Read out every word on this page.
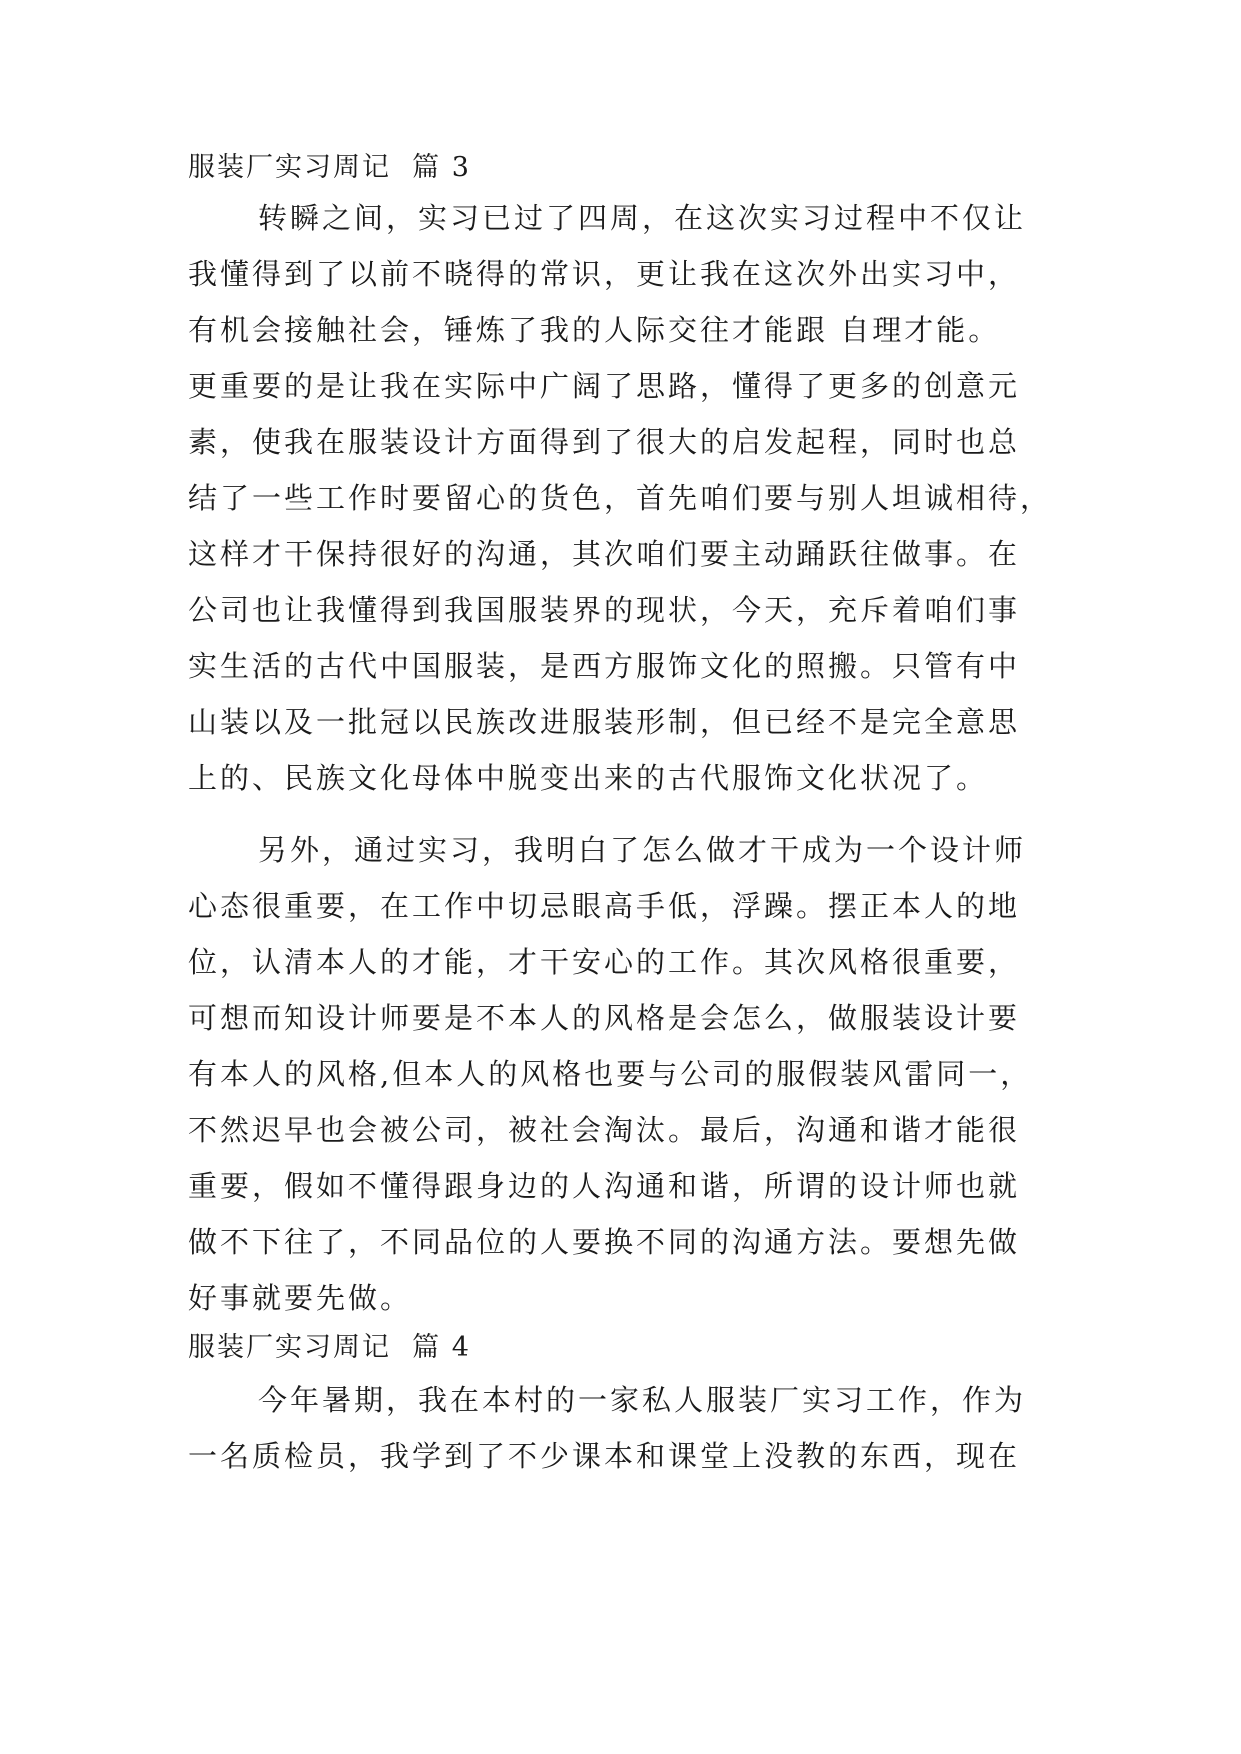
服装厂实习周记  篇 3
转瞬之间，实习已过了四周，在这次实习过程中不仅让
我懂得到了以前不晓得的常识，更让我在这次外出实习中，
有机会接触社会，锤炼了我的人际交往才能跟 自理才能。
更重要的是让我在实际中广阔了思路，懂得了更多的创意元
素，使我在服装设计方面得到了很大的启发起程，同时也总
结了一些工作时要留心的货色，首先咱们要与别人坦诚相待，
这样才干保持很好的沟通，其次咱们要主动踊跃往做事。在
公司也让我懂得到我国服装界的现状，今天，充斥着咱们事
实生活的古代中国服装，是西方服饰文化的照搬。只管有中
山装以及一批冠以民族改进服装形制，但已经不是完全意思
上的、民族文化母体中脱变出来的古代服饰文化状况了。
另外，通过实习，我明白了怎么做才干成为一个设计师
心态很重要，在工作中切忌眼高手低，浮躁。摆正本人的地
位，认清本人的才能，才干安心的工作。其次风格很重要，
可想而知设计师要是不本人的风格是会怎么，做服装设计要
有本人的风格,但本人的风格也要与公司的服假装风雷同一，
不然迟早也会被公司，被社会淘汰。最后，沟通和谐才能很
重要，假如不懂得跟身边的人沟通和谐，所谓的设计师也就
做不下往了，不同品位的人要换不同的沟通方法。要想先做
好事就要先做。
服装厂实习周记  篇 4
今年暑期，我在本村的一家私人服装厂实习工作，作为
一名质检员，我学到了不少课本和课堂上没教的东西，现在
